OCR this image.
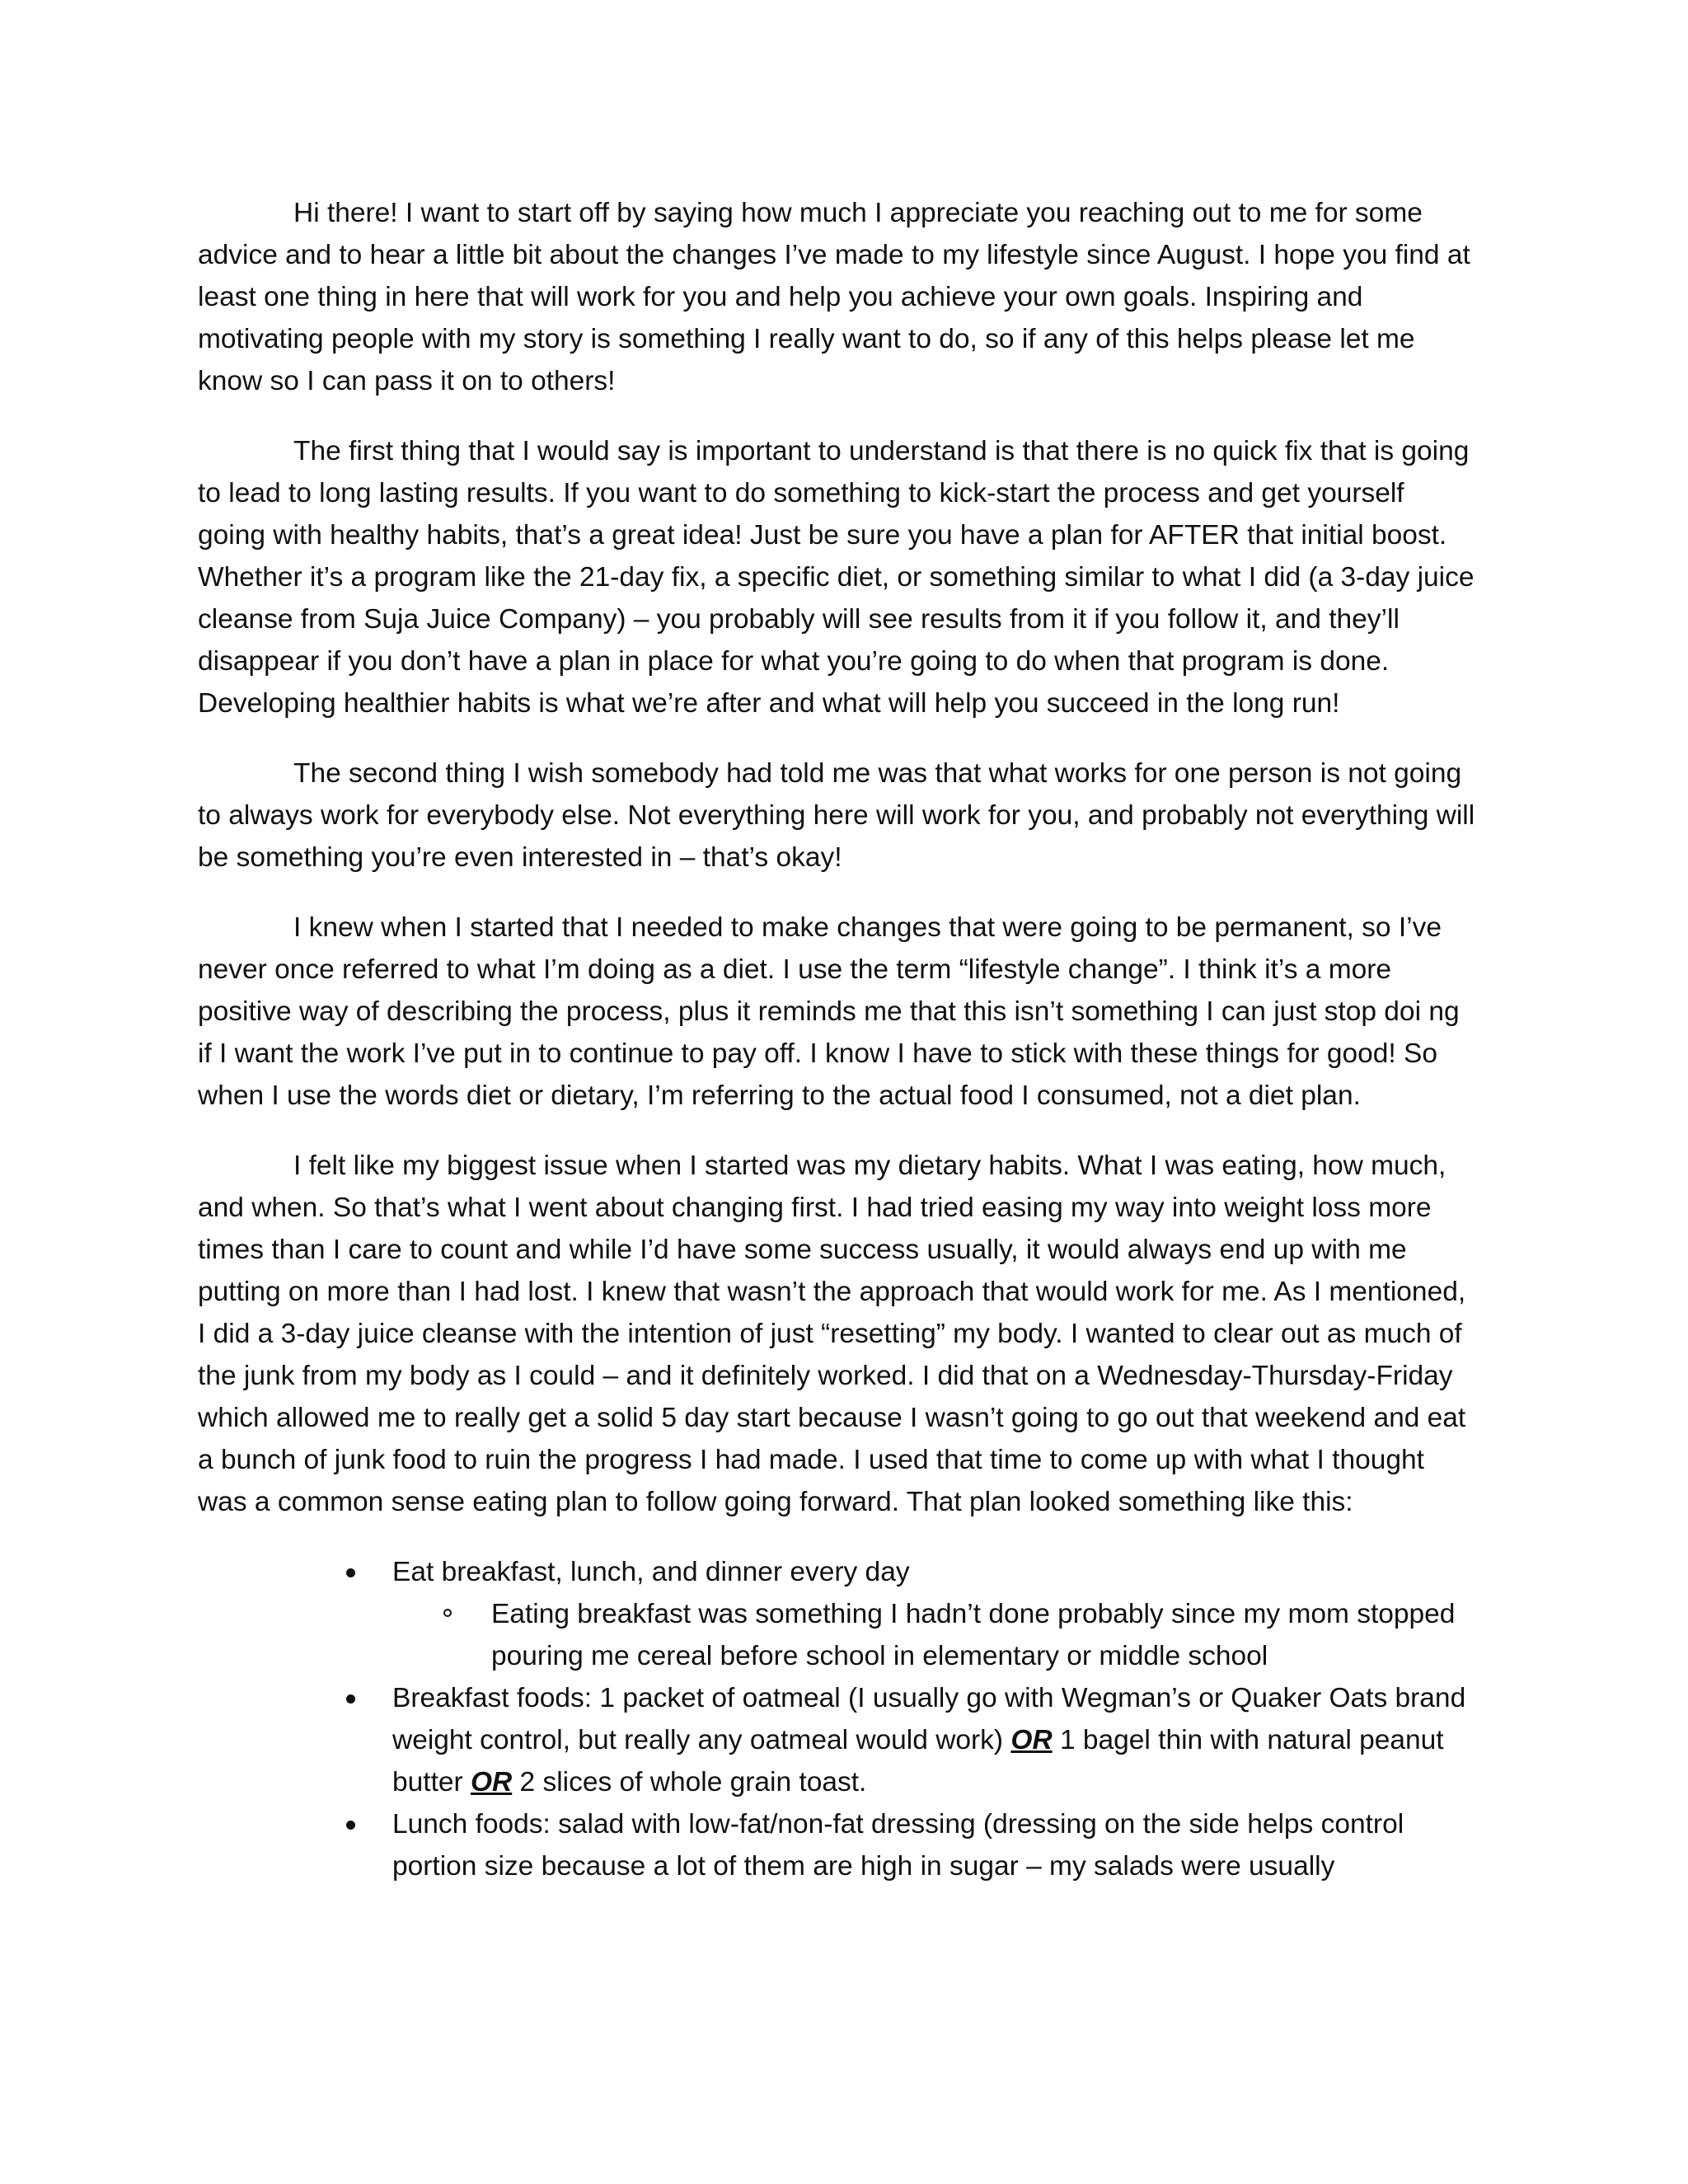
Hi there! I want to start off by saying how much I appreciate you reaching out to me for some advice and to hear a little bit about the changes I’ve made to my lifestyle since August. I hope you find at least one thing in here that will work for you and help you achieve your own goals. Inspiring and motivating people with my story is something I really want to do, so if any of this helps please let me know so I can pass it on to others!

The first thing that I would say is important to understand is that there is no quick fix that is going to lead to long lasting results. If you want to do something to kick-start the process and get yourself going with healthy habits, that’s a great idea! Just be sure you have a plan for AFTER that initial boost. Whether it’s a program like the 21-day fix, a specific diet, or something similar to what I did (a 3-day juice cleanse from Suja Juice Company) – you probably will see results from it if you follow it, and they’ll disappear if you don’t have a plan in place for what you’re going to do when that program is done. Developing healthier habits is what we’re after and what will help you succeed in the long run!

The second thing I wish somebody had told me was that what works for one person is not going to always work for everybody else. Not everything here will work for you, and probably not everything will be something you’re even interested in – that’s okay!

I knew when I started that I needed to make changes that were going to be permanent, so I’ve never once referred to what I’m doing as a diet. I use the term “lifestyle change”. I think it’s a more positive way of describing the process, plus it reminds me that this isn’t something I can just stop doi ng if I want the work I’ve put in to continue to pay off. I know I have to stick with these things for good! So when I use the words diet or dietary, I’m referring to the actual food I consumed, not a diet plan.

I felt like my biggest issue when I started was my dietary habits. What I was eating, how much, and when. So that’s what I went about changing first. I had tried easing my way into weight loss more times than I care to count and while I’d have some success usually, it would always end up with me putting on more than I had lost. I knew that wasn’t the approach that would work for me. As I mentioned, I did a 3-day juice cleanse with the intention of just “resetting” my body. I wanted to clear out as much of the junk from my body as I could – and it definitely worked. I did that on a Wednesday-Thursday-Friday which allowed me to really get a solid 5 day start because I wasn’t going to go out that weekend and eat a bunch of junk food to ruin the progress I had made. I used that time to come up with what I thought was a common sense eating plan to follow going forward. That plan looked something like this:

Eat breakfast, lunch, and dinner every day
Eating breakfast was something I hadn’t done probably since my mom stopped pouring me cereal before school in elementary or middle school
Breakfast foods: 1 packet of oatmeal (I usually go with Wegman’s or Quaker Oats brand weight control, but really any oatmeal would work) OR 1 bagel thin with natural peanut butter OR 2 slices of whole grain toast.
Lunch foods: salad with low-fat/non-fat dressing (dressing on the side helps control portion size because a lot of them are high in sugar – my salads were usually
